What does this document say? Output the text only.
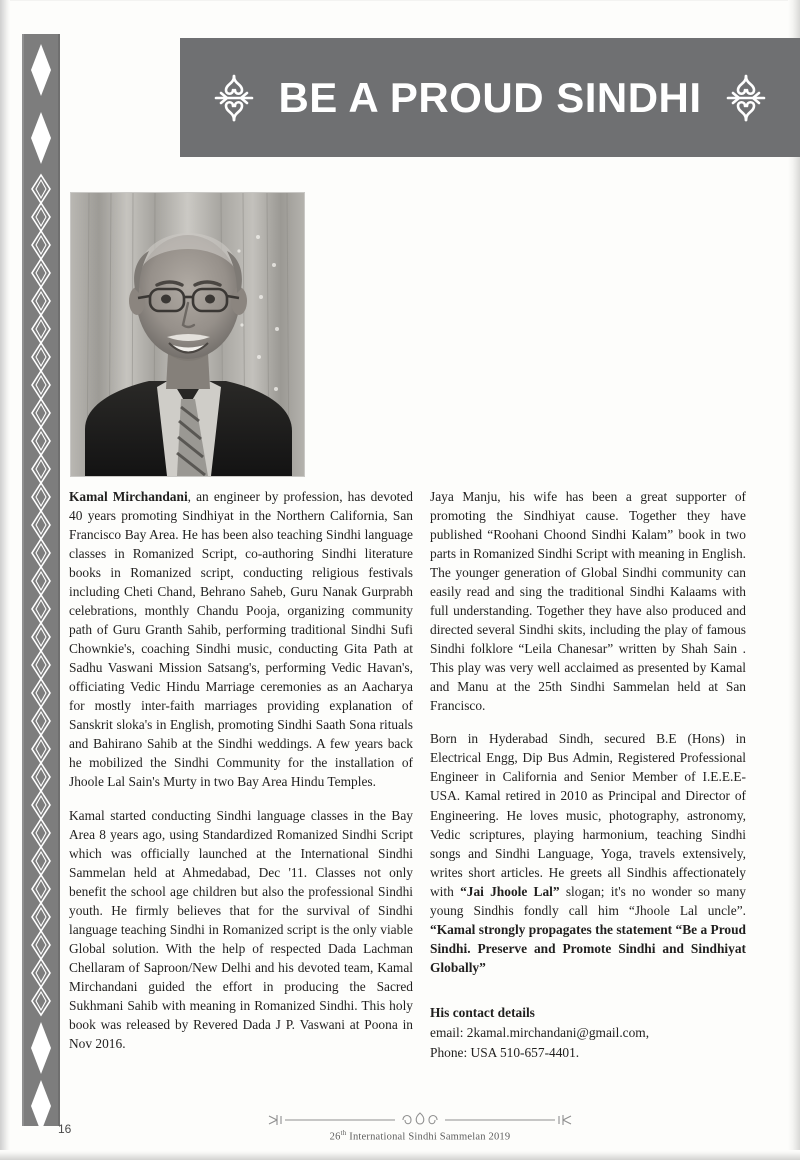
BE A PROUD SINDHI

Kamal Mirchandani, an engineer by profession, has devoted 40 years promoting Sindhiyat in the Northern California, San Francisco Bay Area. He has been also teaching Sindhi language classes in Romanized Script, co-authoring Sindhi literature books in Romanized script, conducting religious festivals including Cheti Chand, Behrano Saheb, Guru Nanak Gurprabh celebrations, monthly Chandu Pooja, organizing community path of Guru Granth Sahib, performing traditional Sindhi Sufi Chownkie's, coaching Sindhi music, conducting Gita Path at Sadhu Vaswani Mission Satsang's, performing Vedic Havan's, officiating Vedic Hindu Marriage ceremonies as an Aacharya for mostly inter-faith marriages providing explanation of Sanskrit sloka's in English, promoting Sindhi Saath Sona rituals and Bahirano Sahib at the Sindhi weddings. A few years back he mobilized the Sindhi Community for the installation of Jhoole Lal Sain's Murty in two Bay Area Hindu Temples.

Kamal started conducting Sindhi language classes in the Bay Area 8 years ago, using Standardized Romanized Sindhi Script which was officially launched at the International Sindhi Sammelan held at Ahmedabad, Dec '11. Classes not only benefit the school age children but also the professional Sindhi youth. He firmly believes that for the survival of Sindhi language teaching Sindhi in Romanized script is the only viable Global solution. With the help of respected Dada Lachman Chellaram of Saproon/New Delhi and his devoted team, Kamal Mirchandani guided the effort in producing the Sacred Sukhmani Sahib with meaning in Romanized Sindhi. This holy book was released by Revered Dada J P. Vaswani at Poona in Nov 2016.

Jaya Manju, his wife has been a great supporter of promoting the Sindhiyat cause. Together they have published “Roohani Choond Sindhi Kalam” book in two parts in Romanized Sindhi Script with meaning in English. The younger generation of Global Sindhi community can easily read and sing the traditional Sindhi Kalaams with full understanding. Together they have also produced and directed several Sindhi skits, including the play of famous Sindhi folklore “Leila Chanesar” written by Shah Sain . This play was very well acclaimed as presented by Kamal and Manu at the 25th Sindhi Sammelan held at San Francisco.

Born in Hyderabad Sindh, secured B.E (Hons) in Electrical Engg, Dip Bus Admin, Registered Professional Engineer in California and Senior Member of I.E.E.E-USA. Kamal retired in 2010 as Principal and Director of Engineering. He loves music, photography, astronomy, Vedic scriptures, playing harmonium, teaching Sindhi songs and Sindhi Language, Yoga, travels extensively, writes short articles. He greets all Sindhis affectionately with “Jai Jhoole Lal” slogan; it's no wonder so many young Sindhis fondly call him “Jhoole Lal uncle”. “Kamal strongly propagates the statement “Be a Proud Sindhi. Preserve and Promote Sindhi and Sindhiyat Globally”

His contact details
email: 2kamal.mirchandani@gmail.com,
Phone: USA 510-657-4401.
16
26th International Sindhi Sammelan 2019
